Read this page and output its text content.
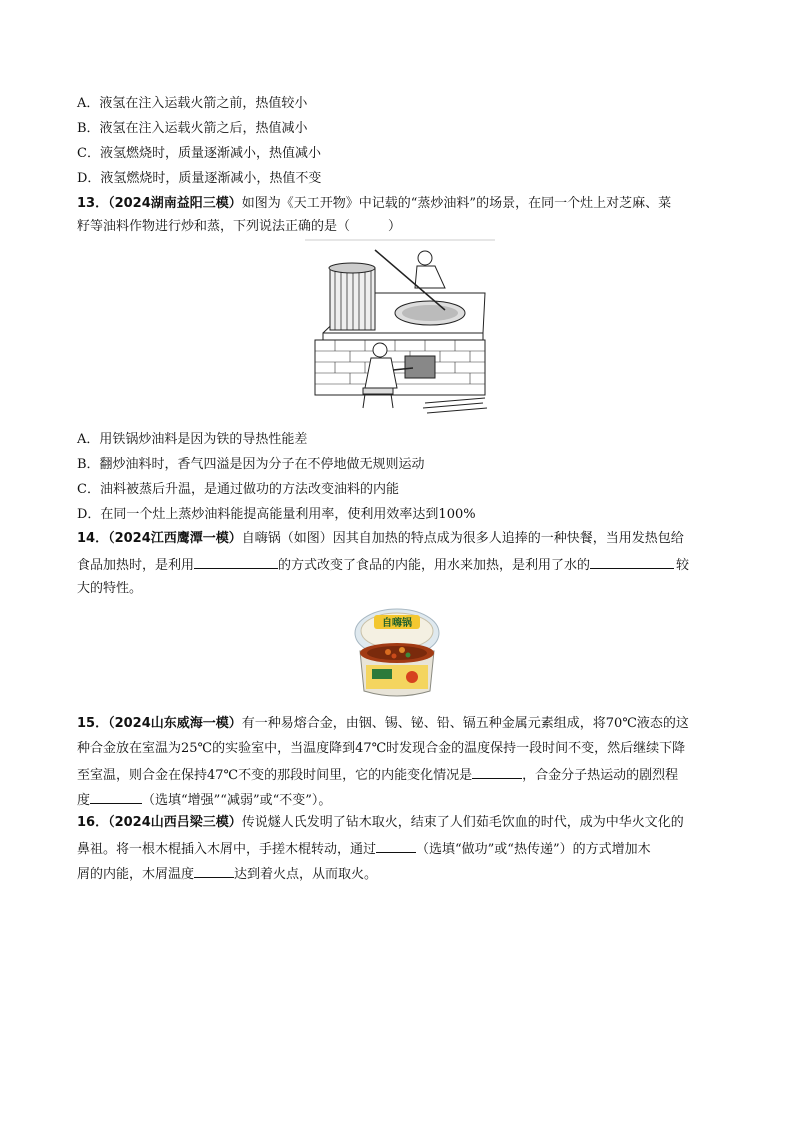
A．液氢在注入运载火箭之前，热值较小
B．液氢在注入运载火箭之后，热值减小
C．液氢燃烧时，质量逐渐减小，热值减小
D．液氢燃烧时，质量逐渐减小，热值不变
13．（2024湖南益阳三模）如图为《天工开物》中记载的“蒸炒油料”的场景，在同一个灶上对芝麻、菜
籽等油料作物进行炒和蒸，下列说法正确的是（	）
A．用铁锅炒油料是因为铁的导热性能差
B．翻炒油料时，香气四溢是因为分子在不停地做无规则运动
C．油料被蒸后升温，是通过做功的方法改变油料的内能
D．在同一个灶上蒸炒油料能提高能量利用率，使利用效率达到100%
14．（2024江西鹰潭一模）自嗨锅（如图）因其自加热的特点成为很多人追捧的一种快餐，当用发热包给
食品加热时，是利用	的方式改变了食品的内能，用水来加热，是利用了水的	较
大的特性。
自嗨锅
15．（2024山东威海一模）有一种易熔合金，由铟、锡、铋、铅、镉五种金属元素组成，将70℃液态的这
种合金放在室温为25℃的实验室中，当温度降到47℃时发现合金的温度保持一段时间不变，然后继续下降
至室温，则合金在保持47℃不变的那段时间里，它的内能变化情况是	，合金分子热运动的剧烈程
度	（选填“增强”“减弱”或“不变”）。
16．（2024山西吕梁三模）传说燧人氏发明了钻木取火，结束了人们茹毛饮血的时代，成为中华火文化的
鼻祖。将一根木棍插入木屑中，手搓木棍转动，通过	（选填“做功”或“热传递”）的方式增加木
屑的内能，木屑温度	达到着火点，从而取火。
